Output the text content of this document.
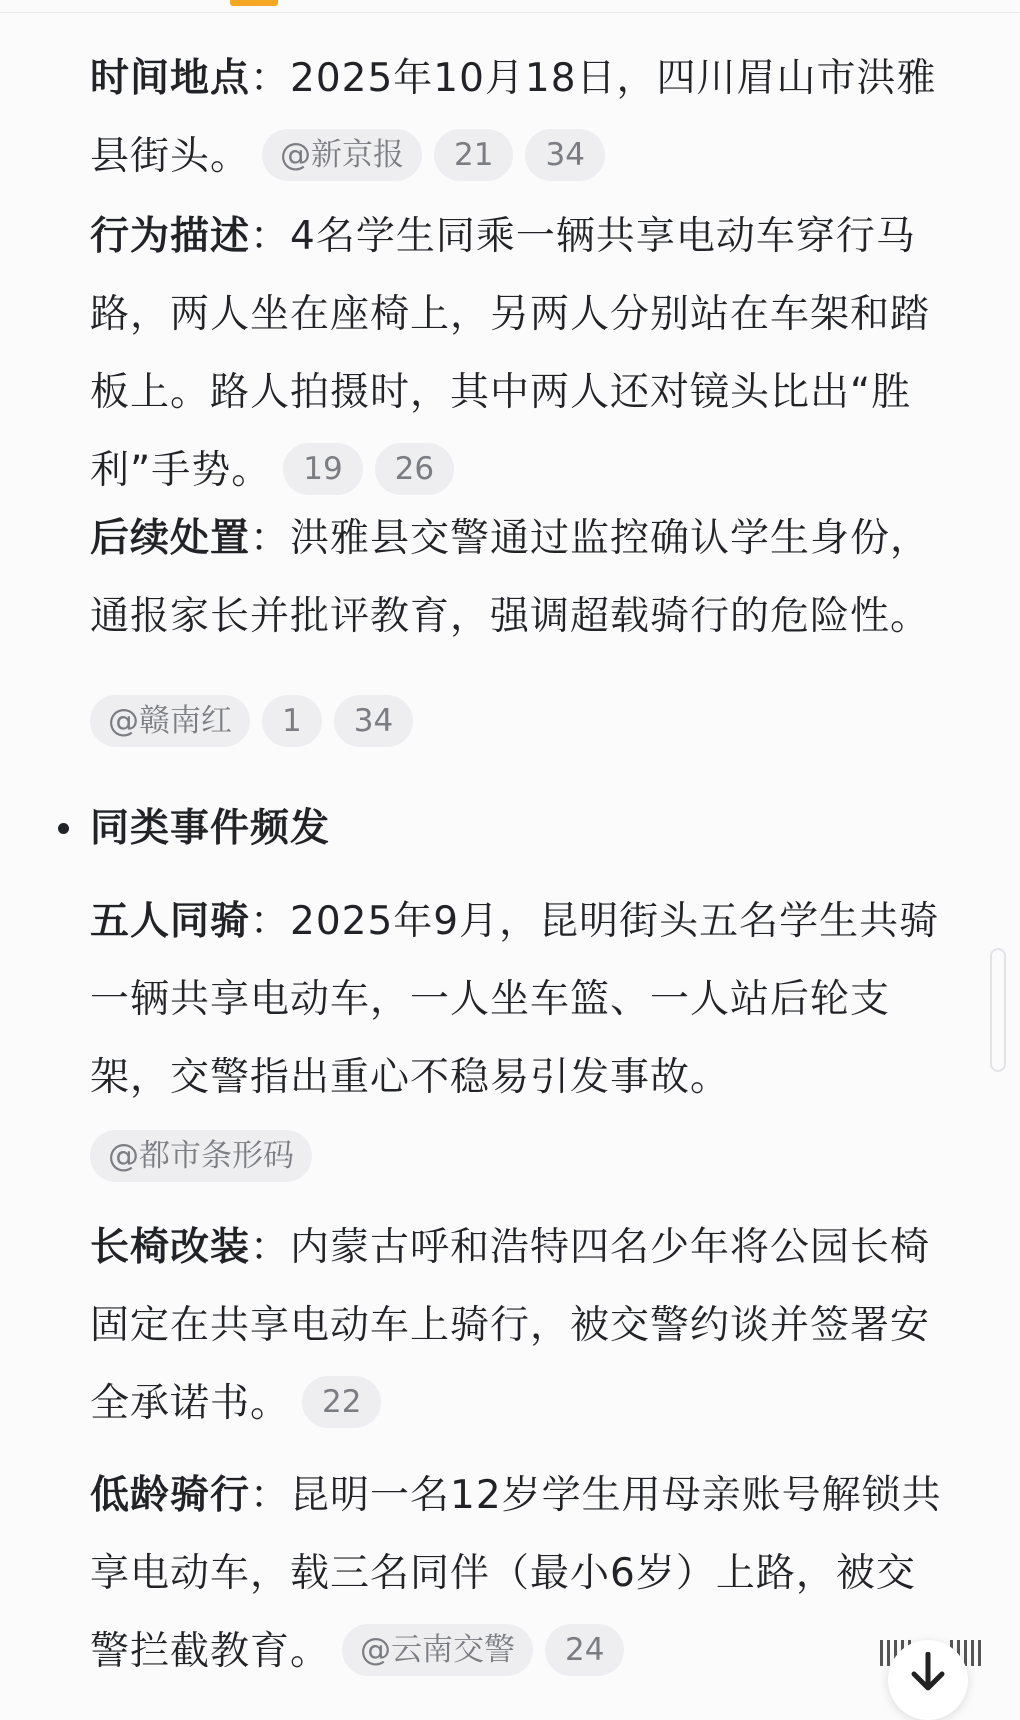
时间地点：2025年10月18日，四川眉山市洪雅
县街头。 @新京报 21 34
行为描述：4名学生同乘一辆共享电动车穿行马
路，两人坐在座椅上，另两人分别站在车架和踏
板上。路人拍摄时，其中两人还对镜头比出“胜
利”手势。 19 26
后续处置：洪雅县交警通过监控确认学生身份，
通报家长并批评教育，强调超载骑行的危险性。
@赣南红 1 34
同类事件频发
五人同骑：2025年9月，昆明街头五名学生共骑
一辆共享电动车，一人坐车篮、一人站后轮支
架，交警指出重心不稳易引发事故。
@都市条形码
长椅改装：内蒙古呼和浩特四名少年将公园长椅
固定在共享电动车上骑行，被交警约谈并签署安
全承诺书。 22
低龄骑行：昆明一名12岁学生用母亲账号解锁共
享电动车，载三名同伴（最小6岁）上路，被交
警拦截教育。 @云南交警 24
